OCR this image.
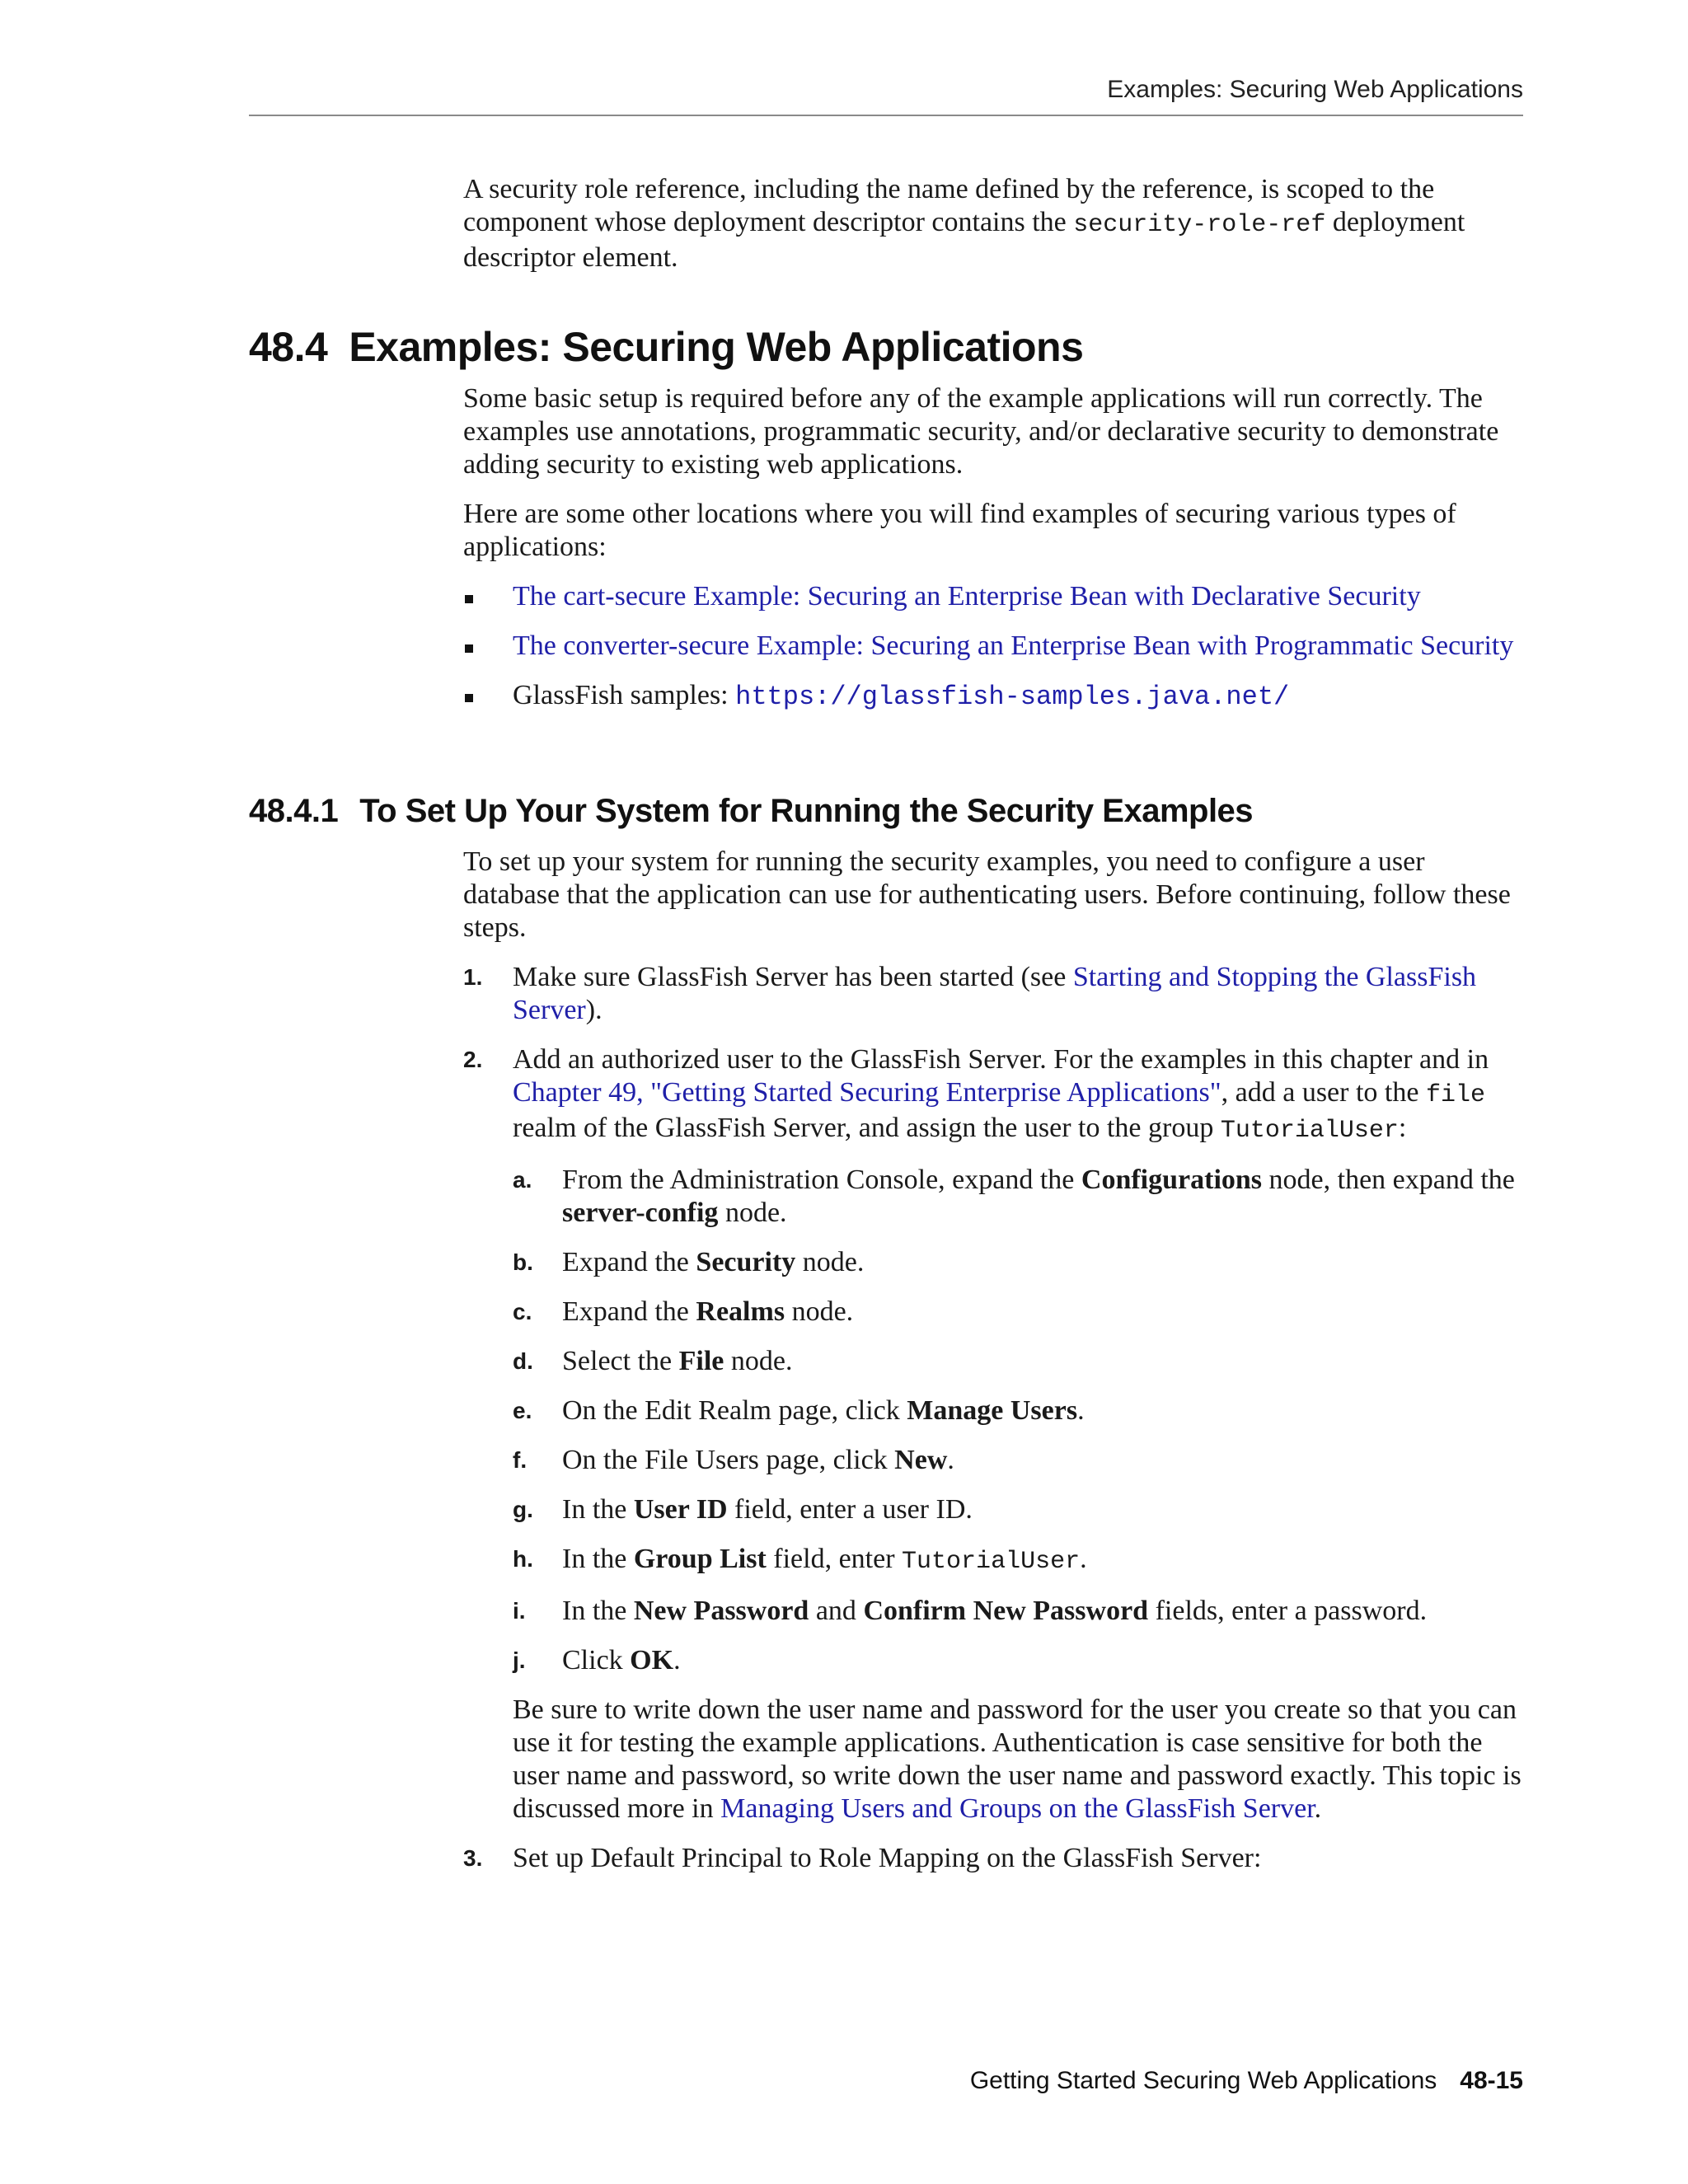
Examples: Securing Web Applications

A security role reference, including the name defined by the reference, is scoped to the component whose deployment descriptor contains the security-role-ref deployment descriptor element.

48.4 Examples: Securing Web Applications

Some basic setup is required before any of the example applications will run correctly. The examples use annotations, programmatic security, and/or declarative security to demonstrate adding security to existing web applications.

Here are some other locations where you will find examples of securing various types of applications:

The cart-secure Example: Securing an Enterprise Bean with Declarative Security
The converter-secure Example: Securing an Enterprise Bean with Programmatic Security
GlassFish samples: https://glassfish-samples.java.net/
48.4.1 To Set Up Your System for Running the Security Examples

To set up your system for running the security examples, you need to configure a user database that the application can use for authenticating users. Before continuing, follow these steps.

1. Make sure GlassFish Server has been started (see Starting and Stopping the GlassFish Server).
2. Add an authorized user to the GlassFish Server. For the examples in this chapter and in Chapter 49, "Getting Started Securing Enterprise Applications", add a user to the file realm of the GlassFish Server, and assign the user to the group TutorialUser:
a. From the Administration Console, expand the Configurations node, then expand the server-config node.
b. Expand the Security node.
c. Expand the Realms node.
d. Select the File node.
e. On the Edit Realm page, click Manage Users.
f. On the File Users page, click New.
g. In the User ID field, enter a user ID.
h. In the Group List field, enter TutorialUser.
i. In the New Password and Confirm New Password fields, enter a password.
j. Click OK.
Be sure to write down the user name and password for the user you create so that you can use it for testing the example applications. Authentication is case sensitive for both the user name and password, so write down the user name and password exactly. This topic is discussed more in Managing Users and Groups on the GlassFish Server.
3. Set up Default Principal to Role Mapping on the GlassFish Server:
Getting Started Securing Web Applications 48-15
